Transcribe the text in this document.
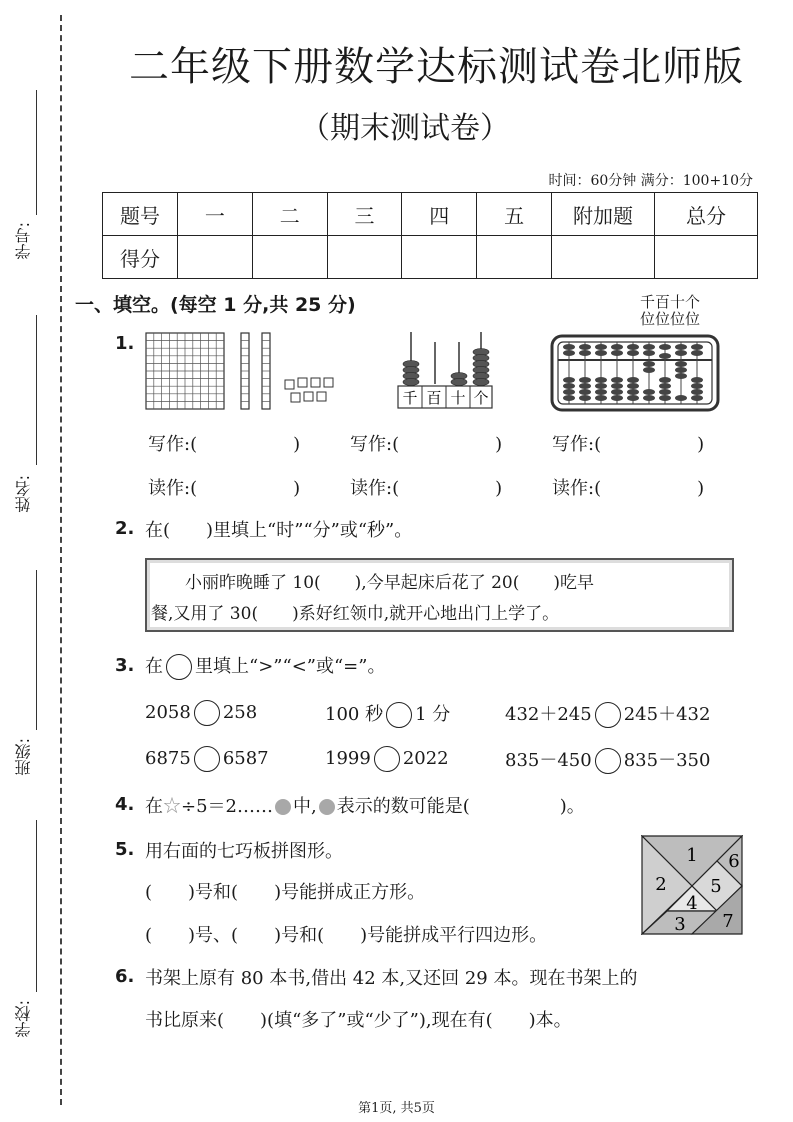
学号:
姓名:
班级:
学校:
二年级下册数学达标测试卷北师版
（期末测试卷）
时间：60分钟 满分：100+10分
题号	一	二	三	四	五	附加题	总分
得分							
一、填空。(每空 1 分,共 25 分)
1.
千 百 十 个
千百十个
位位位位
写作:(	)	写作:(	)	写作:(	)
读作:(	)	读作:(	)	读作:(	)
2. 在(　　)里填上“时”“分”或“秒”。
小丽昨晚睡了 10(　　),今早起床后花了 20(　　)吃早
餐,又用了 30(　　)系好红领巾,就开心地出门上学了。
3. 在 里填上“>”“<”或“=”。
2058 258	100 秒 1 分	432＋245 245＋432
6875 6587	1999 2022	835－450 835－350
4. 在☆÷5＝2…… 中, 表示的数可能是(　　　　　)。
5. 用右面的七巧板拼图形。
(　　)号和(　　)号能拼成正方形。
(　　)号、(　　)号和(　　)号能拼成平行四边形。
1
2
3
4
5
6
7
6. 书架上原有 80 本书,借出 42 本,又还回 29 本。现在书架上的
书比原来(　　)(填“多了”或“少了”),现在有(　　)本。
第1页, 共5页
